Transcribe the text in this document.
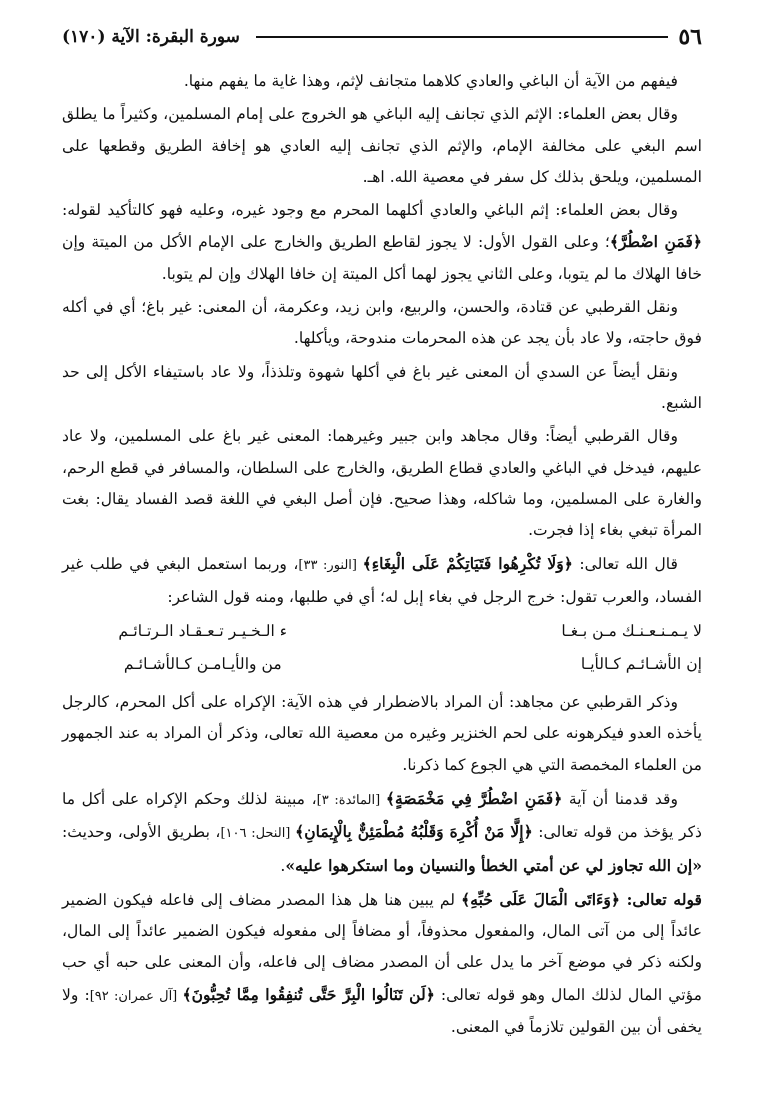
سورة البقرة: الآية (١٧٠)	٥٦

فيفهم من الآية أن الباغي والعادي كلاهما متجانف لإثم، وهذا غاية ما يفهم منها.

وقال بعض العلماء: الإثم الذي تجانف إليه الباغي هو الخروج على إمام المسلمين، وكثيراً ما يطلق اسم البغي على مخالفة الإمام، والإثم الذي تجانف إليه العادي هو إخافة الطريق وقطعها على المسلمين، ويلحق بذلك كل سفر في معصية الله. اهـ.

وقال بعض العلماء: إثم الباغي والعادي أكلهما المحرم مع وجود غيره، وعليه فهو كالتأكيد لقوله: ﴿فَمَنِ اضْطُرَّ﴾؛ وعلى القول الأول: لا يجوز لقاطع الطريق والخارج على الإمام الأكل من الميتة وإن خافا الهلاك ما لم يتوبا، وعلى الثاني يجوز لهما أكل الميتة إن خافا الهلاك وإن لم يتوبا.

ونقل القرطبي عن قتادة، والحسن، والربيع، وابن زيد، وعكرمة، أن المعنى: غير باغ؛ أي في أكله فوق حاجته، ولا عاد بأن يجد عن هذه المحرمات مندوحة، ويأكلها.

ونقل أيضاً عن السدي أن المعنى غير باغ في أكلها شهوة وتلذذاً، ولا عاد باستيفاء الأكل إلى حد الشبع.

وقال القرطبي أيضاً: وقال مجاهد وابن جبير وغيرهما: المعنى غير باغ على المسلمين، ولا عاد عليهم، فيدخل في الباغي والعادي قطاع الطريق، والخارج على السلطان، والمسافر في قطع الرحم، والغارة على المسلمين، وما شاكله، وهذا صحيح. فإن أصل البغي في اللغة قصد الفساد يقال: بغت المرأة تبغي بغاء إذا فجرت.

قال الله تعالى: ﴿وَلَا تُكْرِهُوا فَتَيَاتِكُمْ عَلَى الْبِغَاءِ﴾ [النور: ٣٣]، وربما استعمل البغي في طلب غير الفساد، والعرب تقول: خرج الرجل في بغاء إبل له؛ أي في طلبها، ومنه قول الشاعر:

لا يـمـنـعـنـك مـن بـغـا
ء الـخـيـر تـعـقـاد الـرتـائـم
إن الأشـائـم كـالأيـا
من والأيـامـن كـالأشـائـم

وذكر القرطبي عن مجاهد: أن المراد بالاضطرار في هذه الآية: الإكراه على أكل المحرم، كالرجل يأخذه العدو فيكرهونه على لحم الخنزير وغيره من معصية الله تعالى، وذكر أن المراد به عند الجمهور من العلماء المخمصة التي هي الجوع كما ذكرنا.

وقد قدمنا أن آية ﴿فَمَنِ اضْطُرَّ فِي مَخْمَصَةٍ﴾ [المائدة: ٣]، مبينة لذلك وحكم الإكراه على أكل ما ذكر يؤخذ من قوله تعالى: ﴿إِلَّا مَنْ أُكْرِهَ وَقَلْبُهُ مُطْمَئِنٌّ بِالْإِيمَانِ﴾ [النحل: ١٠٦]، بطريق الأولى، وحديث: «إن الله تجاوز لي عن أمتي الخطأ والنسيان وما استكرهوا عليه».

قوله تعالى: ﴿وَءَاتَى الْمَالَ عَلَى حُبِّهِ﴾ لم يبين هنا هل هذا المصدر مضاف إلى فاعله فيكون الضمير عائداً إلى من آتى المال، والمفعول محذوفاً، أو مضافاً إلى مفعوله فيكون الضمير عائداً إلى المال، ولكنه ذكر في موضع آخر ما يدل على أن المصدر مضاف إلى فاعله، وأن المعنى على حبه أي حب مؤتي المال لذلك المال وهو قوله تعالى: ﴿لَن تَنَالُوا الْبِرَّ حَتَّى تُنفِقُوا مِمَّا تُحِبُّونَ﴾ [آل عمران: ٩٢]: ولا يخفى أن بين القولين تلازماً في المعنى.
